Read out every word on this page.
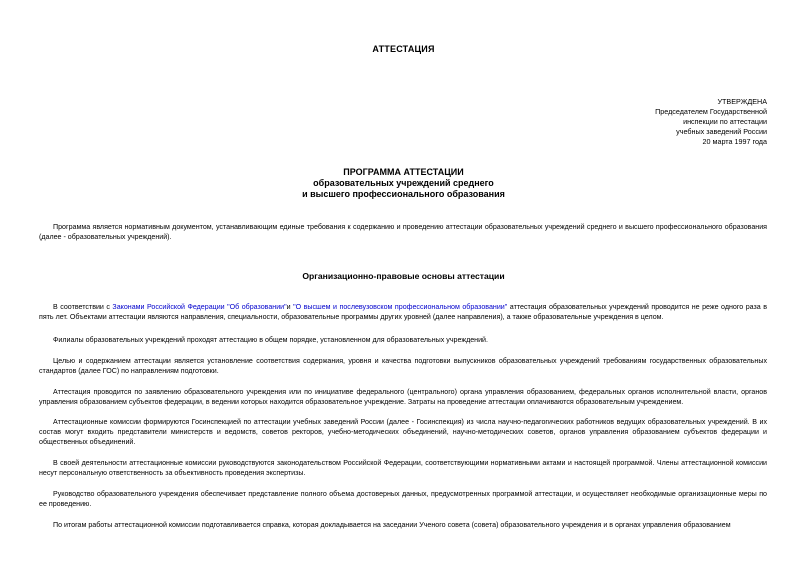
АТТЕСТАЦИЯ
УТВЕРЖДЕНА
Председателем Государственной
инспекции по аттестации
учебных заведений России
20 марта 1997 года
ПРОГРАММА АТТЕСТАЦИИ
образовательных учреждений среднего
и высшего профессионального образования
Программа является нормативным документом, устанавливающим единые требования к содержанию и проведению аттестации образовательных учреждений среднего и высшего профессионального образования (далее - образовательных учреждений).
Организационно-правовые основы аттестации
В соответствии с Законами Российской Федерации "Об образовании"и "О высшем и послевузовском профессиональном образовании" аттестация образовательных учреждений проводится не реже одного раза в пять лет. Объектами аттестации являются направления, специальности, образовательные программы других уровней (далее направления), а также образовательные учреждения в целом.
Филиалы образовательных учреждений проходят аттестацию в общем порядке, установленном для образовательных учреждений.
Целью и содержанием аттестации является установление соответствия содержания, уровня и качества подготовки выпускников образовательных учреждений требованиям государственных образовательных стандартов (далее ГОС) по направлениям подготовки.
Аттестация проводится по заявлению образовательного учреждения или по инициативе федерального (центрального) органа управления образованием, федеральных органов исполнительной власти, органов управления образованием субъектов федерации, в ведении которых находится образовательное учреждение. Затраты на проведение аттестации оплачиваются образовательным учреждением.
Аттестационные комиссии формируются Госинспекцией по аттестации учебных заведений России (далее - Госинспекция) из числа научно-педагогических работников ведущих образовательных учреждений. В их состав могут входить представители министерств и ведомств, советов ректоров, учебно-методических объединений, научно-методических советов, органов управления образованием субъектов федерации и общественных объединений.
В своей деятельности аттестационные комиссии руководствуются законодательством Российской Федерации, соответствующими нормативными актами и настоящей программой. Члены аттестационной комиссии несут персональную ответственность за объективность проведения экспертизы.
Руководство образовательного учреждения обеспечивает представление полного объема достоверных данных, предусмотренных программой аттестации, и осуществляет необходимые организационные меры по ее проведению.
По итогам работы аттестационной комиссии подготавливается справка, которая докладывается на заседании Ученого совета (совета) образовательного учреждения и в органах управления образованием
